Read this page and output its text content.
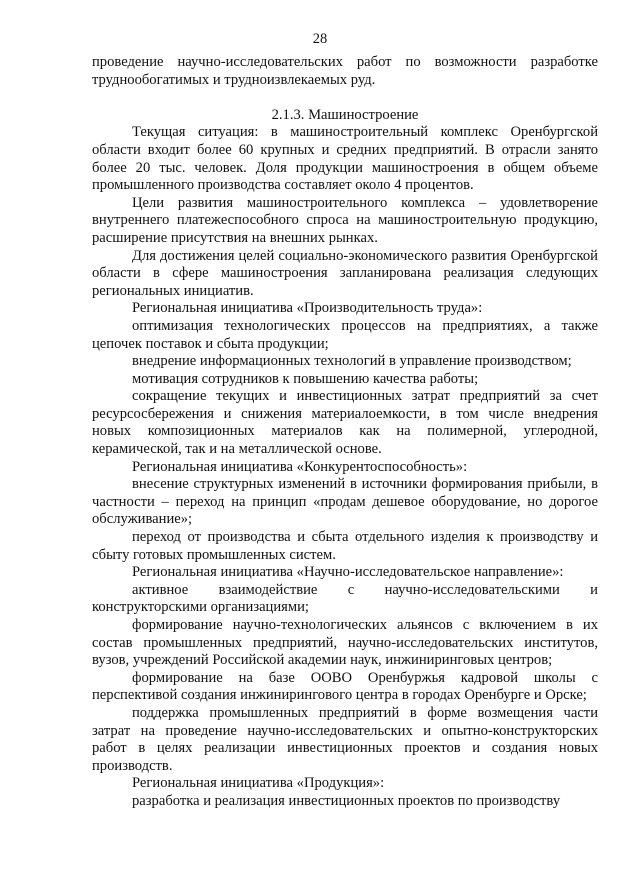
28

проведение научно-исследовательских работ по возможности разработке труднообогатимых и трудноизвлекаемых руд.

2.1.3. Машиностроение

Текущая ситуация: в машиностроительный комплекс Оренбургской области входит более 60 крупных и средних предприятий. В отрасли занято более 20 тыс. человек. Доля продукции машиностроения в общем объеме промышленного производства составляет около 4 процентов.

Цели развития машиностроительного комплекса – удовлетворение внутреннего платежеспособного спроса на машиностроительную продукцию, расширение присутствия на внешних рынках.

Для достижения целей социально-экономического развития Оренбургской области в сфере машиностроения запланирована реализация следующих региональных инициатив.

Региональная инициатива «Производительность труда»:

оптимизация технологических процессов на предприятиях, а также цепочек поставок и сбыта продукции;

внедрение информационных технологий в управление производством;

мотивация сотрудников к повышению качества работы;

сокращение текущих и инвестиционных затрат предприятий за счет ресурсосбережения и снижения материалоемкости, в том числе внедрения новых композиционных материалов как на полимерной, углеродной, керамической, так и на металлической основе.

Региональная инициатива «Конкурентоспособность»:

внесение структурных изменений в источники формирования прибыли, в частности – переход на принцип «продам дешевое оборудование, но дорогое обслуживание»;

переход от производства и сбыта отдельного изделия к производству и сбыту готовых промышленных систем.

Региональная инициатива «Научно-исследовательское направление»:

активное взаимодействие с научно-исследовательскими и конструкторскими организациями;

формирование научно-технологических альянсов с включением в их состав промышленных предприятий, научно-исследовательских институтов, вузов, учреждений Российской академии наук, инжиниринговых центров;

формирование на базе ООВО Оренбуржья кадровой школы с перспективой создания инжинирингового центра в городах Оренбурге и Орске;

поддержка промышленных предприятий в форме возмещения части затрат на проведение научно-исследовательских и опытно-конструкторских работ в целях реализации инвестиционных проектов и создания новых производств.

Региональная инициатива «Продукция»:

разработка и реализация инвестиционных проектов по производству
